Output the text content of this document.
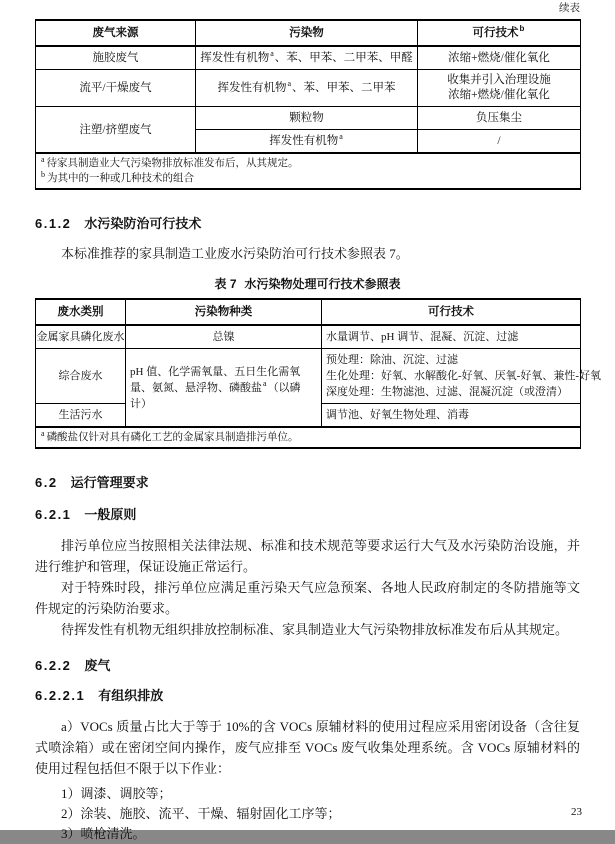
续表
废气来源	污染物	可行技术$^b$
施胶废气	挥发性有机物$^a$、苯、甲苯、二甲苯、甲醛	浓缩+燃烧/催化氧化
流平/干燥废气	挥发性有机物$^a$、苯、甲苯、二甲苯	收集并引入治理设施
浓缩+燃烧/催化氧化

注塑/挤塑废气	颗粒物	负压集尘
	挥发性有机物$^a$	/

$^a$ 待家具制造业大气污染物排放标准发布后，从其规定。
$^b$ 为其中的一种或几种技术的组合		
6.1.2 水污染防治可行技术

本标准推荐的家具制造工业废水污染防治可行技术参照表 7。

表 7 水污染物处理可行技术参照表
废水类别	污染物种类	可行技术
金属家具磷化废水	总镍	水量调节、pH 调节、混凝、沉淀、过滤

综合废水	pH 值、化学需氧量、五日生化需氧量、氨氮、悬浮物、磷酸盐$^a$（以磷计）	预处理：除油、沉淀、过滤
生化处理：好氧、水解酸化-好氧、厌氧-好氧、兼性-好氧
深度处理：生物滤池、过滤、混凝沉淀（或澄清）

生活污水		调节池、好氧生物处理、消毒

$^a$ 磷酸盐仅针对具有磷化工艺的金属家具制造排污单位。		
6.2 运行管理要求
6.2.1 一般原则

排污单位应当按照相关法律法规、标准和技术规范等要求运行大气及水污染防治设施，并进行维护和管理，保证设施正常运行。

对于特殊时段，排污单位应满足重污染天气应急预案、各地人民政府制定的冬防措施等文件规定的污染防治要求。

待挥发性有机物无组织排放控制标准、家具制造业大气污染物排放标准发布后从其规定。

6.2.2 废气
6.2.2.1 有组织排放

a）VOCs 质量占比大于等于 10%的含 VOCs 原辅材料的使用过程应采用密闭设备（含往复式喷涂箱）或在密闭空间内操作，废气应排至 VOCs 废气收集处理系统。含 VOCs 原辅材料的使用过程包括但不限于以下作业：

1）调漆、调胶等；
2）涂装、施胶、流平、干燥、辐射固化工序等；
3）喷枪清洗。
23
